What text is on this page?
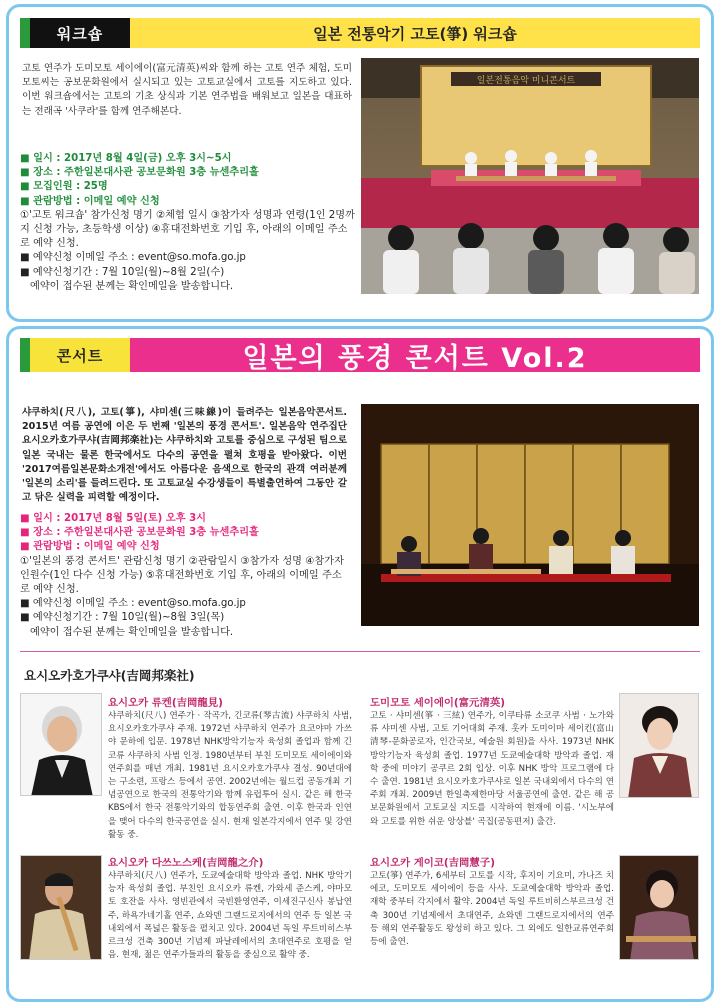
워크숍	일본 전통악기 고토(箏) 워크숍

고토 연주가 도미모토 세이에이(富元清英)씨와 함께 하는 고토 연주 체험, 도미모토씨는 공보문화원에서 실시되고 있는 고토교실에서 고토를 지도하고 있다. 이번 워크숍에서는 고토의 기초 상식과 기본 연주법을 배워보고 일본을 대표하는 전래곡 '사쿠라'를 함께 연주해본다.

■ 일시 : 2017년 8월 4일(금) 오후 3시~5시
■ 장소 : 주한일본대사관 공보문화원 3층 뉴센추리홀
■ 모집인원 : 25명
■ 관람방법 : 이메일 예약 신청
①'고토 워크숍' 참가신청 명기 ②체험 일시 ③참가자 성명과 연령(1인 2명까지 신청 가능, 초등학생 이상) ④휴대전화번호 기입 후, 아래의 이메일 주소로 예약 신청.
■ 예약신청 이메일 주소 : event@so.mofa.go.jp
■ 예약신청기간 : 7월 10일(월)~8월 2일(수)
예약이 접수된 분께는 확인메일을 발송합니다.
일본전통음악 미니콘서트
콘서트	일본의 풍경 콘서트 Vol.2

샤쿠하치(尺八), 고토(箏), 샤미센(三味線)이 들려주는 일본음악콘서트. 2015년 여름 공연에 이은 두 번째 '일본의 풍경 콘서트'. 일본음악 연주집단 요시오카호가쿠샤(吉岡邦楽社)는 샤쿠하치와 고토를 중심으로 구성된 팀으로 일본 국내는 물론 한국에서도 다수의 공연을 펼쳐 호평을 받아왔다. 이번 '2017여름일본문화소개전'에서도 아름다운 음색으로 한국의 관객 여러분께 '일본의 소리'를 들려드린다. 또 고토교실 수강생들이 특별출연하여 그동안 갈고 닦은 실력을 피력할 예정이다.

■ 일시 : 2017년 8월 5일(토) 오후 3시
■ 장소 : 주한일본대사관 공보문화원 3층 뉴센추리홀
■ 관람방법 : 이메일 예약 신청
①'일본의 풍경 콘서트' 관람신청 명기 ②관람일시 ③참가자 성명 ④참가자 인원수(1인 다수 신청 가능) ⑤휴대전화번호 기입 후, 아래의 이메일 주소로 예약 신청.
■ 예약신청 이메일 주소 : event@so.mofa.go.jp
■ 예약신청기간 : 7월 10일(월)~8월 3일(목)
예약이 접수된 분께는 확인메일을 발송합니다.
요시오카호가쿠샤(吉岡邦楽社)
요시오카 류켄(吉岡龍見)

샤쿠하치(尺八) 연주가 · 작곡가, 긴코류(琴古流) 샤쿠하치 사범, 요시오카호가쿠샤 주재. 1972년 샤쿠하치 연주가 요코야마 가쓰야 문하에 입문. 1978년 NHK방악기능자 육성회 졸업과 함께 긴코류 샤쿠하치 사범 인정. 1980년부터 부친 도미모토 세이에이와 연주회를 매년 개최. 1981년 요시오카호가쿠샤 결성. 90년대에는 구소련, 프랑스 등에서 공연. 2002년에는 월드컵 공동개최 기념공연으로 한국의 전통악기와 함께 유럽투어 실시. 같은 해 한국 KBS에서 한국 전통악기와의 합동연주회 출연. 이후 한국과 인연을 맺어 다수의 한국공연을 실시. 현재 일본각지에서 연주 및 강연활동 중.

도미모토 세이에이(富元清英)

고토 · 샤미센(箏 · 三絃) 연주가, 이쿠타류 소코쿠 사범 · 노가와류 샤미센 사범, 고토 기어대회 주재. 홋카 도미이마 세이킨(富山清琴-문화공로자, 인간국보, 예술원 회원)을 사사. 1973년 NHK방악기능자 육성회 졸업. 1977년 도쿄예술대학 방악과 졸업. 재학 중에 미야기 공쿠르 2회 입상. 이후 NHK 방악 프로그램에 다수 출연. 1981년 요시오카호가쿠샤로 일본 국내외에서 다수의 연주회 개최. 2009년 한일축제한마당 서울공연에 출연. 같은 해 공보문화원에서 고토교실 지도를 시작하여 현재에 이름. '시노부에와 고토를 위한 쉬운 앙상블' 곡집(공동편저) 출간.

요시오카 다쓰노스케(吉岡龍之介)

샤쿠하치(尺八) 연주가, 도쿄예술대학 방악과 졸업. NHK 방악기능자 육성회 졸업. 부친인 요시오카 류켄, 가와세 준스케, 야마모토 호잔을 사사. 영빈관에서 국빈환영연주, 이세진구신사 봉납연주, 하욕가네기홀 연주, 쇼와덴 그랜드로지에서의 연주 등 일본 국내외에서 폭넓은 활동을 펼치고 있다. 2004년 독일 루트비히스부르크성 건축 300년 기념제 파날레에서의 초대연주로 호평을 얻음. 현재, 젊은 연주가들과의 활동을 중심으로 활약 중.

요시오카 게이코(吉岡慧子)

고토(箏) 연주가, 6세부터 고토를 시작, 후지이 기요미, 가나즈 치에코, 도미모토 세이에이 등을 사사. 도쿄예술대학 방악과 졸업. 재학 중부터 각지에서 활약. 2004년 독일 루트비히스부르크성 건축 300년 기념제에서 초대연주, 쇼와덴 그랜드로지에서의 연주 등 해외 연주활동도 왕성히 하고 있다. 그 외에도 일한교류연주회 등에 출연.
